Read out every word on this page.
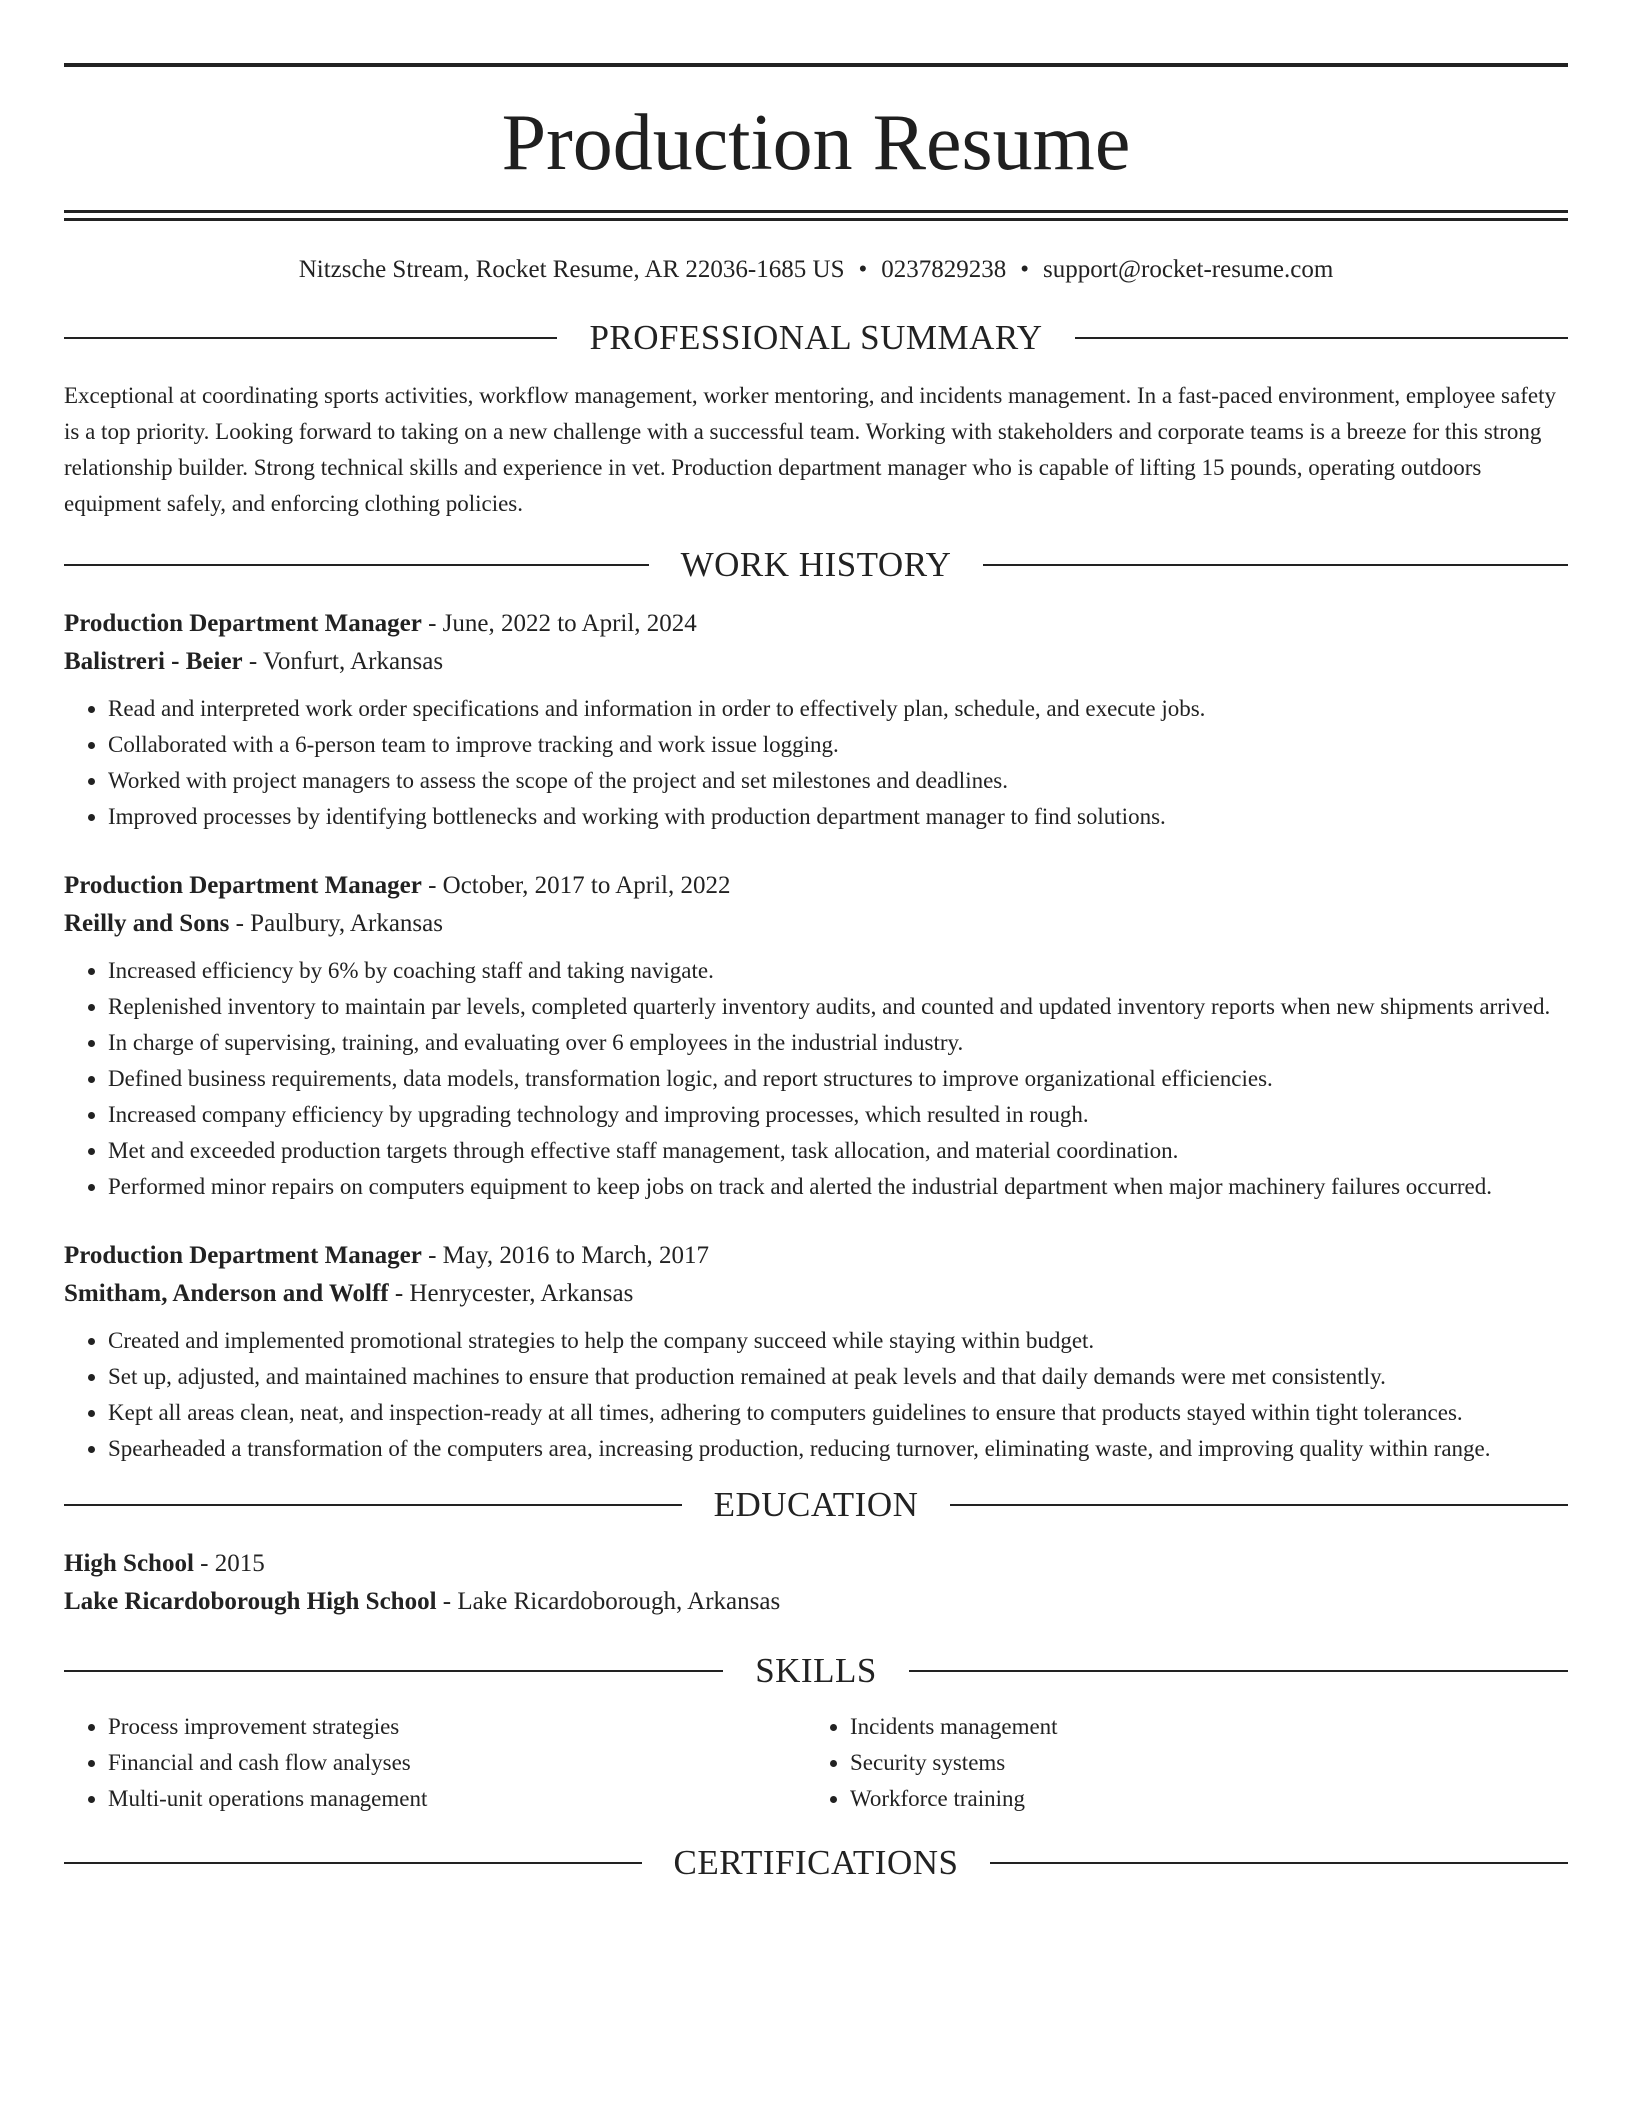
Production Resume
Nitzsche Stream, Rocket Resume, AR 22036-1685 US • 0237829238 • support@rocket-resume.com
PROFESSIONAL SUMMARY
Exceptional at coordinating sports activities, workflow management, worker mentoring, and incidents management. In a fast-paced environment, employee safety is a top priority. Looking forward to taking on a new challenge with a successful team. Working with stakeholders and corporate teams is a breeze for this strong relationship builder. Strong technical skills and experience in vet. Production department manager who is capable of lifting 15 pounds, operating outdoors equipment safely, and enforcing clothing policies.
WORK HISTORY
Production Department Manager - June, 2022 to April, 2024
Balistreri - Beier - Vonfurt, Arkansas
• Read and interpreted work order specifications and information in order to effectively plan, schedule, and execute jobs.
• Collaborated with a 6-person team to improve tracking and work issue logging.
• Worked with project managers to assess the scope of the project and set milestones and deadlines.
• Improved processes by identifying bottlenecks and working with production department manager to find solutions.
Production Department Manager - October, 2017 to April, 2022
Reilly and Sons - Paulbury, Arkansas
• Increased efficiency by 6% by coaching staff and taking navigate.
• Replenished inventory to maintain par levels, completed quarterly inventory audits, and counted and updated inventory reports when new shipments arrived.
• In charge of supervising, training, and evaluating over 6 employees in the industrial industry.
• Defined business requirements, data models, transformation logic, and report structures to improve organizational efficiencies.
• Increased company efficiency by upgrading technology and improving processes, which resulted in rough.
• Met and exceeded production targets through effective staff management, task allocation, and material coordination.
• Performed minor repairs on computers equipment to keep jobs on track and alerted the industrial department when major machinery failures occurred.
Production Department Manager - May, 2016 to March, 2017
Smitham, Anderson and Wolff - Henrycester, Arkansas
• Created and implemented promotional strategies to help the company succeed while staying within budget.
• Set up, adjusted, and maintained machines to ensure that production remained at peak levels and that daily demands were met consistently.
• Kept all areas clean, neat, and inspection-ready at all times, adhering to computers guidelines to ensure that products stayed within tight tolerances.
• Spearheaded a transformation of the computers area, increasing production, reducing turnover, eliminating waste, and improving quality within range.
EDUCATION
High School - 2015
Lake Ricardoborough High School - Lake Ricardoborough, Arkansas
SKILLS
• Process improvement strategies
• Financial and cash flow analyses
• Multi-unit operations management
• Incidents management
• Security systems
• Workforce training
CERTIFICATIONS
